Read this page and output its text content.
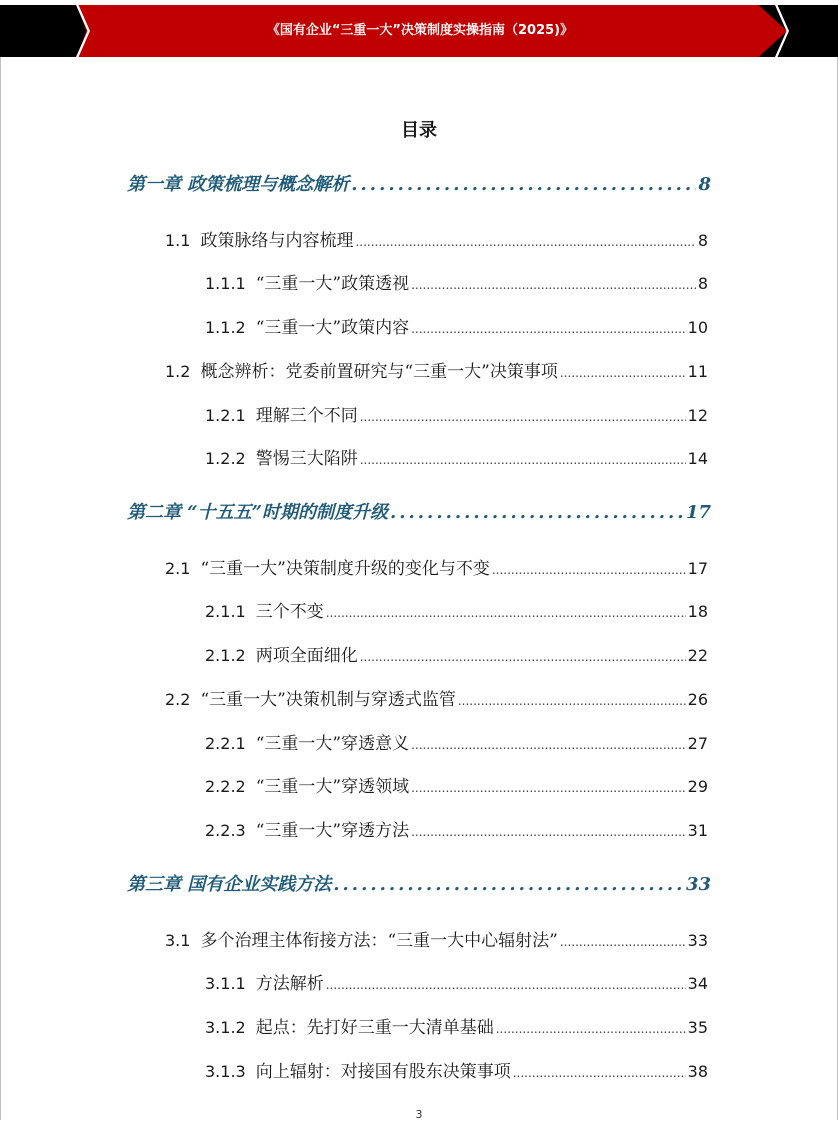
《国有企业“三重一大”决策制度实操指南（2025)》
目录
第一章 政策梳理与概念解析 .....	8
1.1 政策脉络与内容梳理 .....	8
1.1.1 “三重一大”政策透视 .....	8
1.1.2 “三重一大”政策内容 .....	10
1.2 概念辨析：党委前置研究与“三重一大”决策事项 .....	11
1.2.1 理解三个不同 .....	12
1.2.2 警惕三大陷阱 .....	14
第二章 “十五五”时期的制度升级 .....	17
2.1 “三重一大”决策制度升级的变化与不变 .....	17
2.1.1 三个不变 .....	18
2.1.2 两项全面细化 .....	22
2.2 “三重一大”决策机制与穿透式监管 .....	26
2.2.1 “三重一大”穿透意义 .....	27
2.2.2 “三重一大”穿透领域 .....	29
2.2.3 “三重一大”穿透方法 .....	31
第三章 国有企业实践方法 .....	33
3.1 多个治理主体衔接方法：“三重一大中心辐射法” .....	33
3.1.1 方法解析 .....	34
3.1.2 起点：先打好三重一大清单基础 .....	35
3.1.3 向上辐射：对接国有股东决策事项 .....	38
3
